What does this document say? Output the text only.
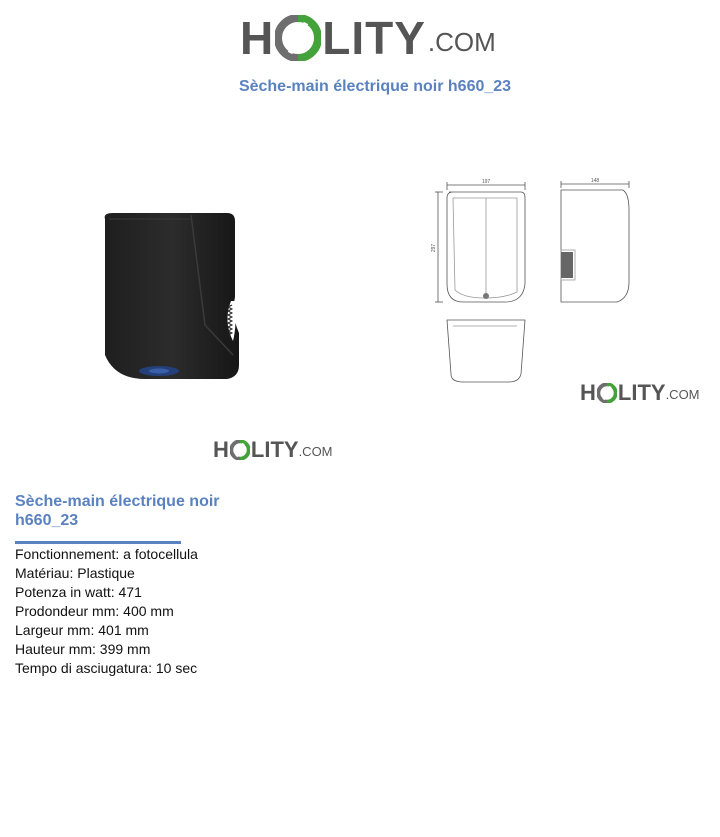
H LITY .COM
Sèche-main électrique noir h660_23
H LITY .COM
197	148
297
H LITY .COM
Sèche-main électrique noir h660_23
Fonctionnement: a fotocellula
Matériau: Plastique
Potenza in watt: 471
Prodondeur mm: 400 mm
Largeur mm: 401 mm
Hauteur mm: 399 mm
Tempo di asciugatura: 10 sec
